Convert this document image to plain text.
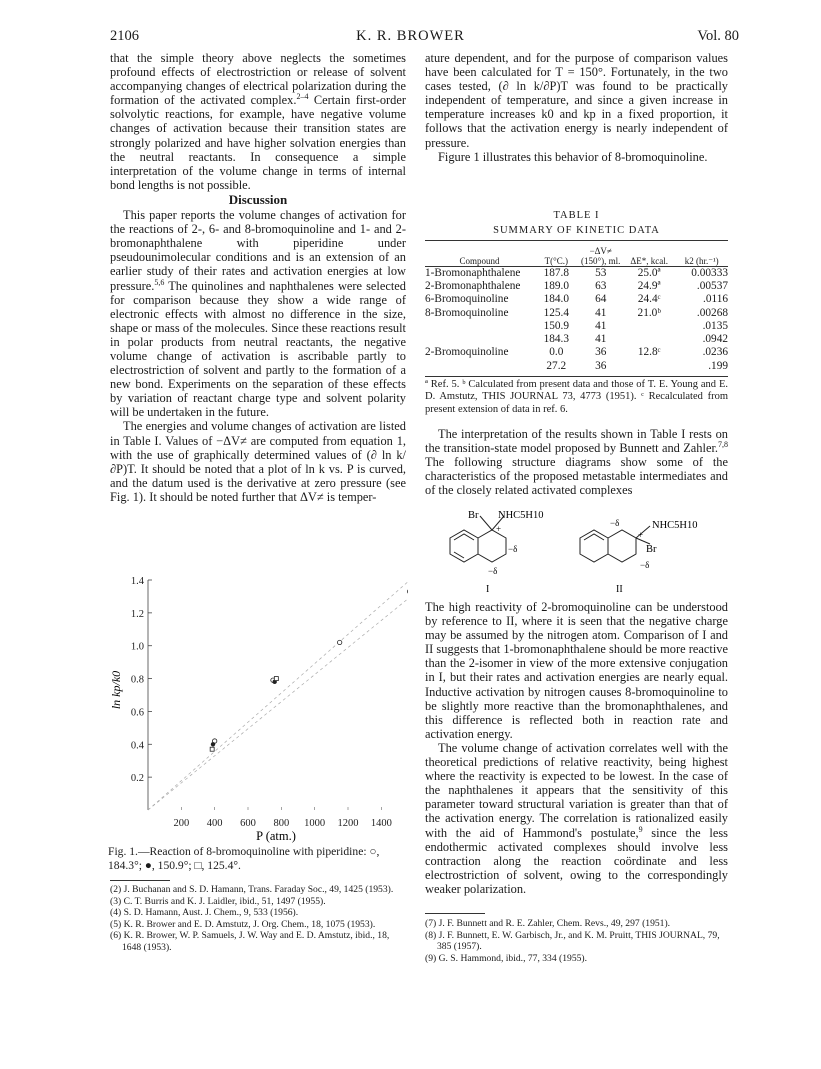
2106	K. R. BROWER	Vol. 80

that the simple theory above neglects the sometimes profound effects of electrostriction or release of solvent accompanying changes of electrical polarization during the formation of the activated complex.$^{2-4}$ Certain first-order solvolytic reactions, for example, have negative volume changes of activation because their transition states are strongly polarized and have higher solvation energies than the neutral reactants. In consequence a simple interpretation of the volume change in terms of internal bond lengths is not possible.

Discussion

This paper reports the volume changes of activation for the reactions of 2-, 6- and 8-bromoquinoline and 1- and 2-bromonaphthalene with piperidine under pseudounimolecular conditions and is an extension of an earlier study of their rates and activation energies at low pressure.$^{5,6}$ The quinolines and naphthalenes were selected for comparison because they show a wide range of electronic effects with almost no difference in the size, shape or mass of the molecules. Since these reactions result in polar products from neutral reactants, the negative volume change of activation is ascribable partly to electrostriction of solvent and partly to the formation of a new bond. Experiments on the separation of these effects by variation of reactant charge type and solvent polarity will be undertaken in the future.

The energies and volume changes of activation are listed in Table I. Values of −ΔV≠ are computed from equation 1, with the use of graphically determined values of (∂ ln k/∂P)T. It should be noted that a plot of ln k vs. P is curved, and the datum used is the derivative at zero pressure (see Fig. 1). It should be noted further that ΔV≠ is temper-

0.2
0.4
0.6
0.8
1.0
1.2
1.4
200 400 600 800 1000 1200 1400
ln kp/k0
P (atm.)
Fig. 1.—Reaction of 8-bromoquinoline with piperidine: ○, 184.3°; ●, 150.9°; □, 125.4°.

(2) J. Buchanan and S. D. Hamann, Trans. Faraday Soc., 49, 1425 (1953).

(3) C. T. Burris and K. J. Laidler, ibid., 51, 1497 (1955).

(4) S. D. Hamann, Aust. J. Chem., 9, 533 (1956).

(5) K. R. Brower and E. D. Amstutz, J. Org. Chem., 18, 1075 (1953).

(6) K. R. Brower, W. P. Samuels, J. W. Way and E. D. Amstutz, ibid., 18, 1648 (1953).

ature dependent, and for the purpose of comparison values have been calculated for T = 150°. Fortunately, in the two cases tested, (∂ ln k/∂P)T was found to be practically independent of temperature, and since a given increase in temperature increases k0 and kp in a fixed proportion, it follows that the activation energy is nearly independent of pressure.

Figure 1 illustrates this behavior of 8-bromoquinoline.

TABLE I
SUMMARY OF KINETIC DATA
Compound	T(°C.)	−ΔV≠ (150°), ml.	ΔE*, kcal.	k2 (hr.⁻¹)
1-Bromonaphthalene	187.8	53	25.0ª	0.00333
2-Bromonaphthalene	189.0	63	24.9ª	.00537
6-Bromoquinoline	184.0	64	24.4ᶜ	.0116
8-Bromoquinoline	125.4	41	21.0ᵇ	.00268
	150.9	41		.0135
	184.3	41		.0942
2-Bromoquinoline	0.0	36	12.8ᶜ	.0236
	27.2	36		.199
ª Ref. 5. ᵇ Calculated from present data and those of T. E. Young and E. D. Amstutz, THIS JOURNAL 73, 4773 (1951). ᶜ Recalculated from present extension of data in ref. 6.

The interpretation of the results shown in Table I rests on the transition-state model proposed by Bunnett and Zahler.$^{7,8}$ The following structure diagrams show some of the characteristics of the proposed metastable intermediates and of the closely related activated complexes

Br NHC5H10
+
−δ
−δ
I
−δ	NHC5H10
+
Br
−δ
II

The high reactivity of 2-bromoquinoline can be understood by reference to II, where it is seen that the negative charge may be assumed by the nitrogen atom. Comparison of I and II suggests that 1-bromonaphthalene should be more reactive than the 2-isomer in view of the more extensive conjugation in I, but their rates and activation energies are nearly equal. Inductive activation by nitrogen causes 8-bromoquinoline to be slightly more reactive than the bromonaphthalenes, and this difference is reflected both in reaction rate and activation energy.

The volume change of activation correlates well with the theoretical predictions of relative reactivity, being highest where the reactivity is expected to be lowest. In the case of the naphthalenes it appears that the sensitivity of this parameter toward structural variation is greater than that of the activation energy. The correlation is rationalized easily with the aid of Hammond's postulate,$^9$ since the less endothermic activated complexes should involve less contraction along the reaction coördinate and less electrostriction of solvent, owing to the correspondingly weaker polarization.

(7) J. F. Bunnett and R. E. Zahler, Chem. Revs., 49, 297 (1951).

(8) J. F. Bunnett, E. W. Garbisch, Jr., and K. M. Pruitt, THIS JOURNAL, 79, 385 (1957).

(9) G. S. Hammond, ibid., 77, 334 (1955).
